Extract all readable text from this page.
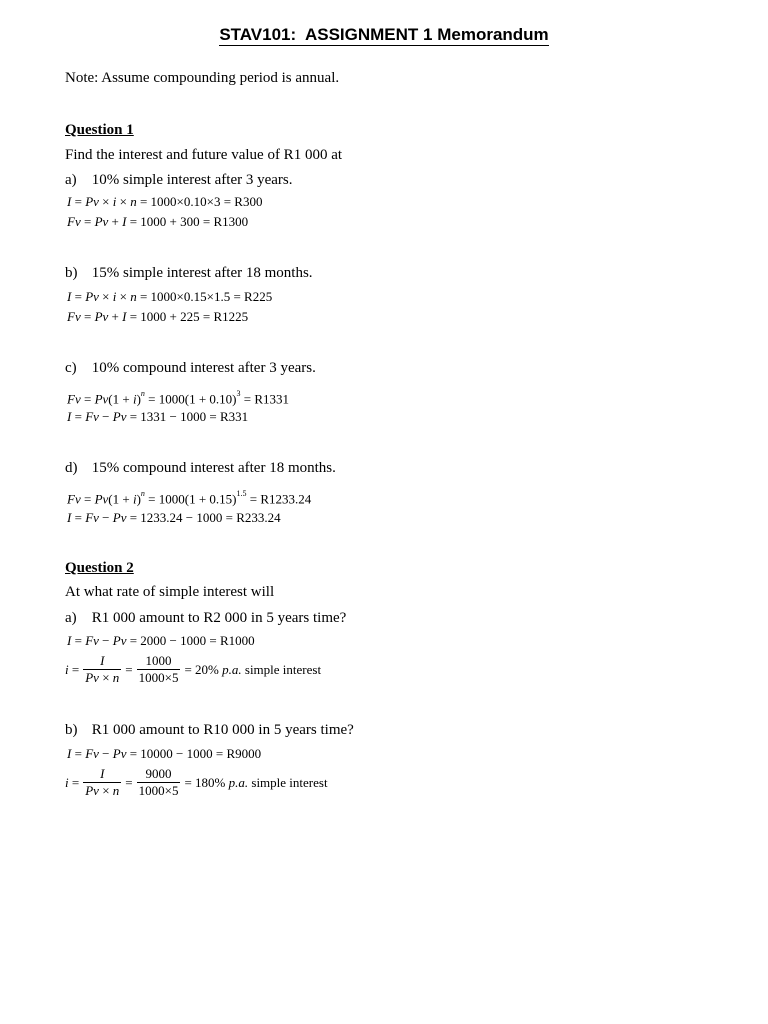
STAV101:  ASSIGNMENT 1 Memorandum
Note: Assume compounding period is annual.
Question 1
Find the interest and future value of R1 000 at
a) 10% simple interest after 3 years.
I = Pv × i × n = 1000×0.10×3 = R300
Fv = Pv + I = 1000 + 300 = R1300
b) 15% simple interest after 18 months.
I = Pv × i × n = 1000×0.15×1.5 = R225
Fv = Pv + I = 1000 + 225 = R1225
c) 10% compound interest after 3 years.
$Fv = Pv(1 + i)^n = 1000(1 + 0.10)^3 = R1331$
I = Fv − Pv = 1331 − 1000 = R331
d) 15% compound interest after 18 months.
$Fv = Pv(1 + i)^n = 1000(1 + 0.15)^{1.5} = R1233.24$
I = Fv − Pv = 1233.24 − 1000 = R233.24
Question 2
At what rate of simple interest will
a) R1 000 amount to R2 000 in 5 years time?
I = Fv − Pv = 2000 − 1000 = R1000
$i = \frac{I}{Pv \times n} = \frac{1000}{1000\times 5} = 20\%$
p.a.
simple interest
b) R1 000 amount to R10 000 in 5 years time?
I = Fv − Pv = 10000 − 1000 = R9000
$i = \frac{I}{Pv \times n} = \frac{9000}{1000\times 5} = 180\%$
p.a.
simple interest
